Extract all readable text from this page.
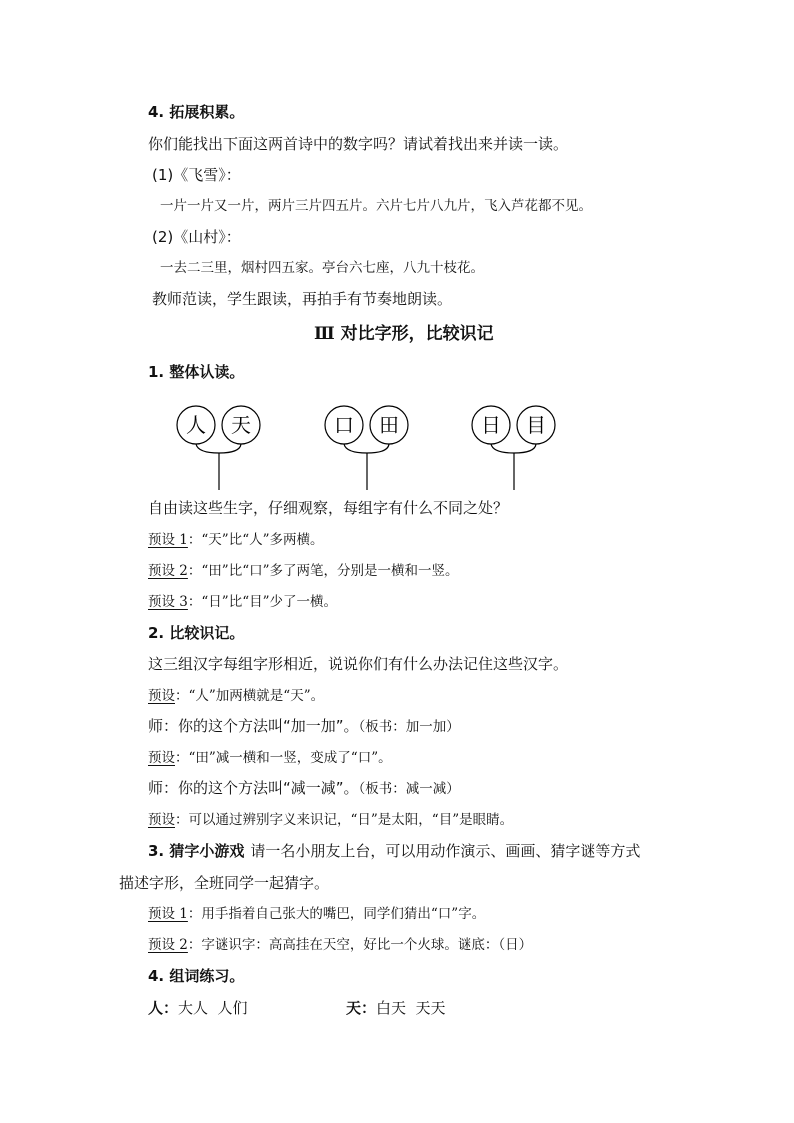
4. 拓展积累。
你们能找出下面这两首诗中的数字吗？请试着找出来并读一读。
(1)《飞雪》：
一片一片又一片，两片三片四五片。六片七片八九片，飞入芦花都不见。
(2)《山村》：
一去二三里，烟村四五家。亭台六七座，八九十枝花。
教师范读，学生跟读，再拍手有节奏地朗读。
Ⅲ 对比字形，比较识记
1. 整体认读。
人 天	口 田	日 目
自由读这些生字，仔细观察，每组字有什么不同之处？
预设 1：“天”比“人”多两横。
预设 2：“田”比“口”多了两笔，分别是一横和一竖。
预设 3：“日”比“目”少了一横。
2. 比较识记。
这三组汉字每组字形相近，说说你们有什么办法记住这些汉字。
预设：“人”加两横就是“天”。
师：你的这个方法叫“加一加”。（板书：加一加）
预设：“田”减一横和一竖，变成了“口”。
师：你的这个方法叫“减一减”。（板书：减一减）
预设：可以通过辨别字义来识记，“日”是太阳，“目”是眼睛。
3. 猜字小游戏 请一名小朋友上台，可以用动作演示、画画、猜字谜等方式
描述字形，全班同学一起猜字。
预设 1：用手指着自己张大的嘴巴，同学们猜出“口”字。
预设 2：字谜识字：高高挂在天空，好比一个火球。谜底：（日）
4. 组词练习。
人：大人  人们	天：白天  天天
